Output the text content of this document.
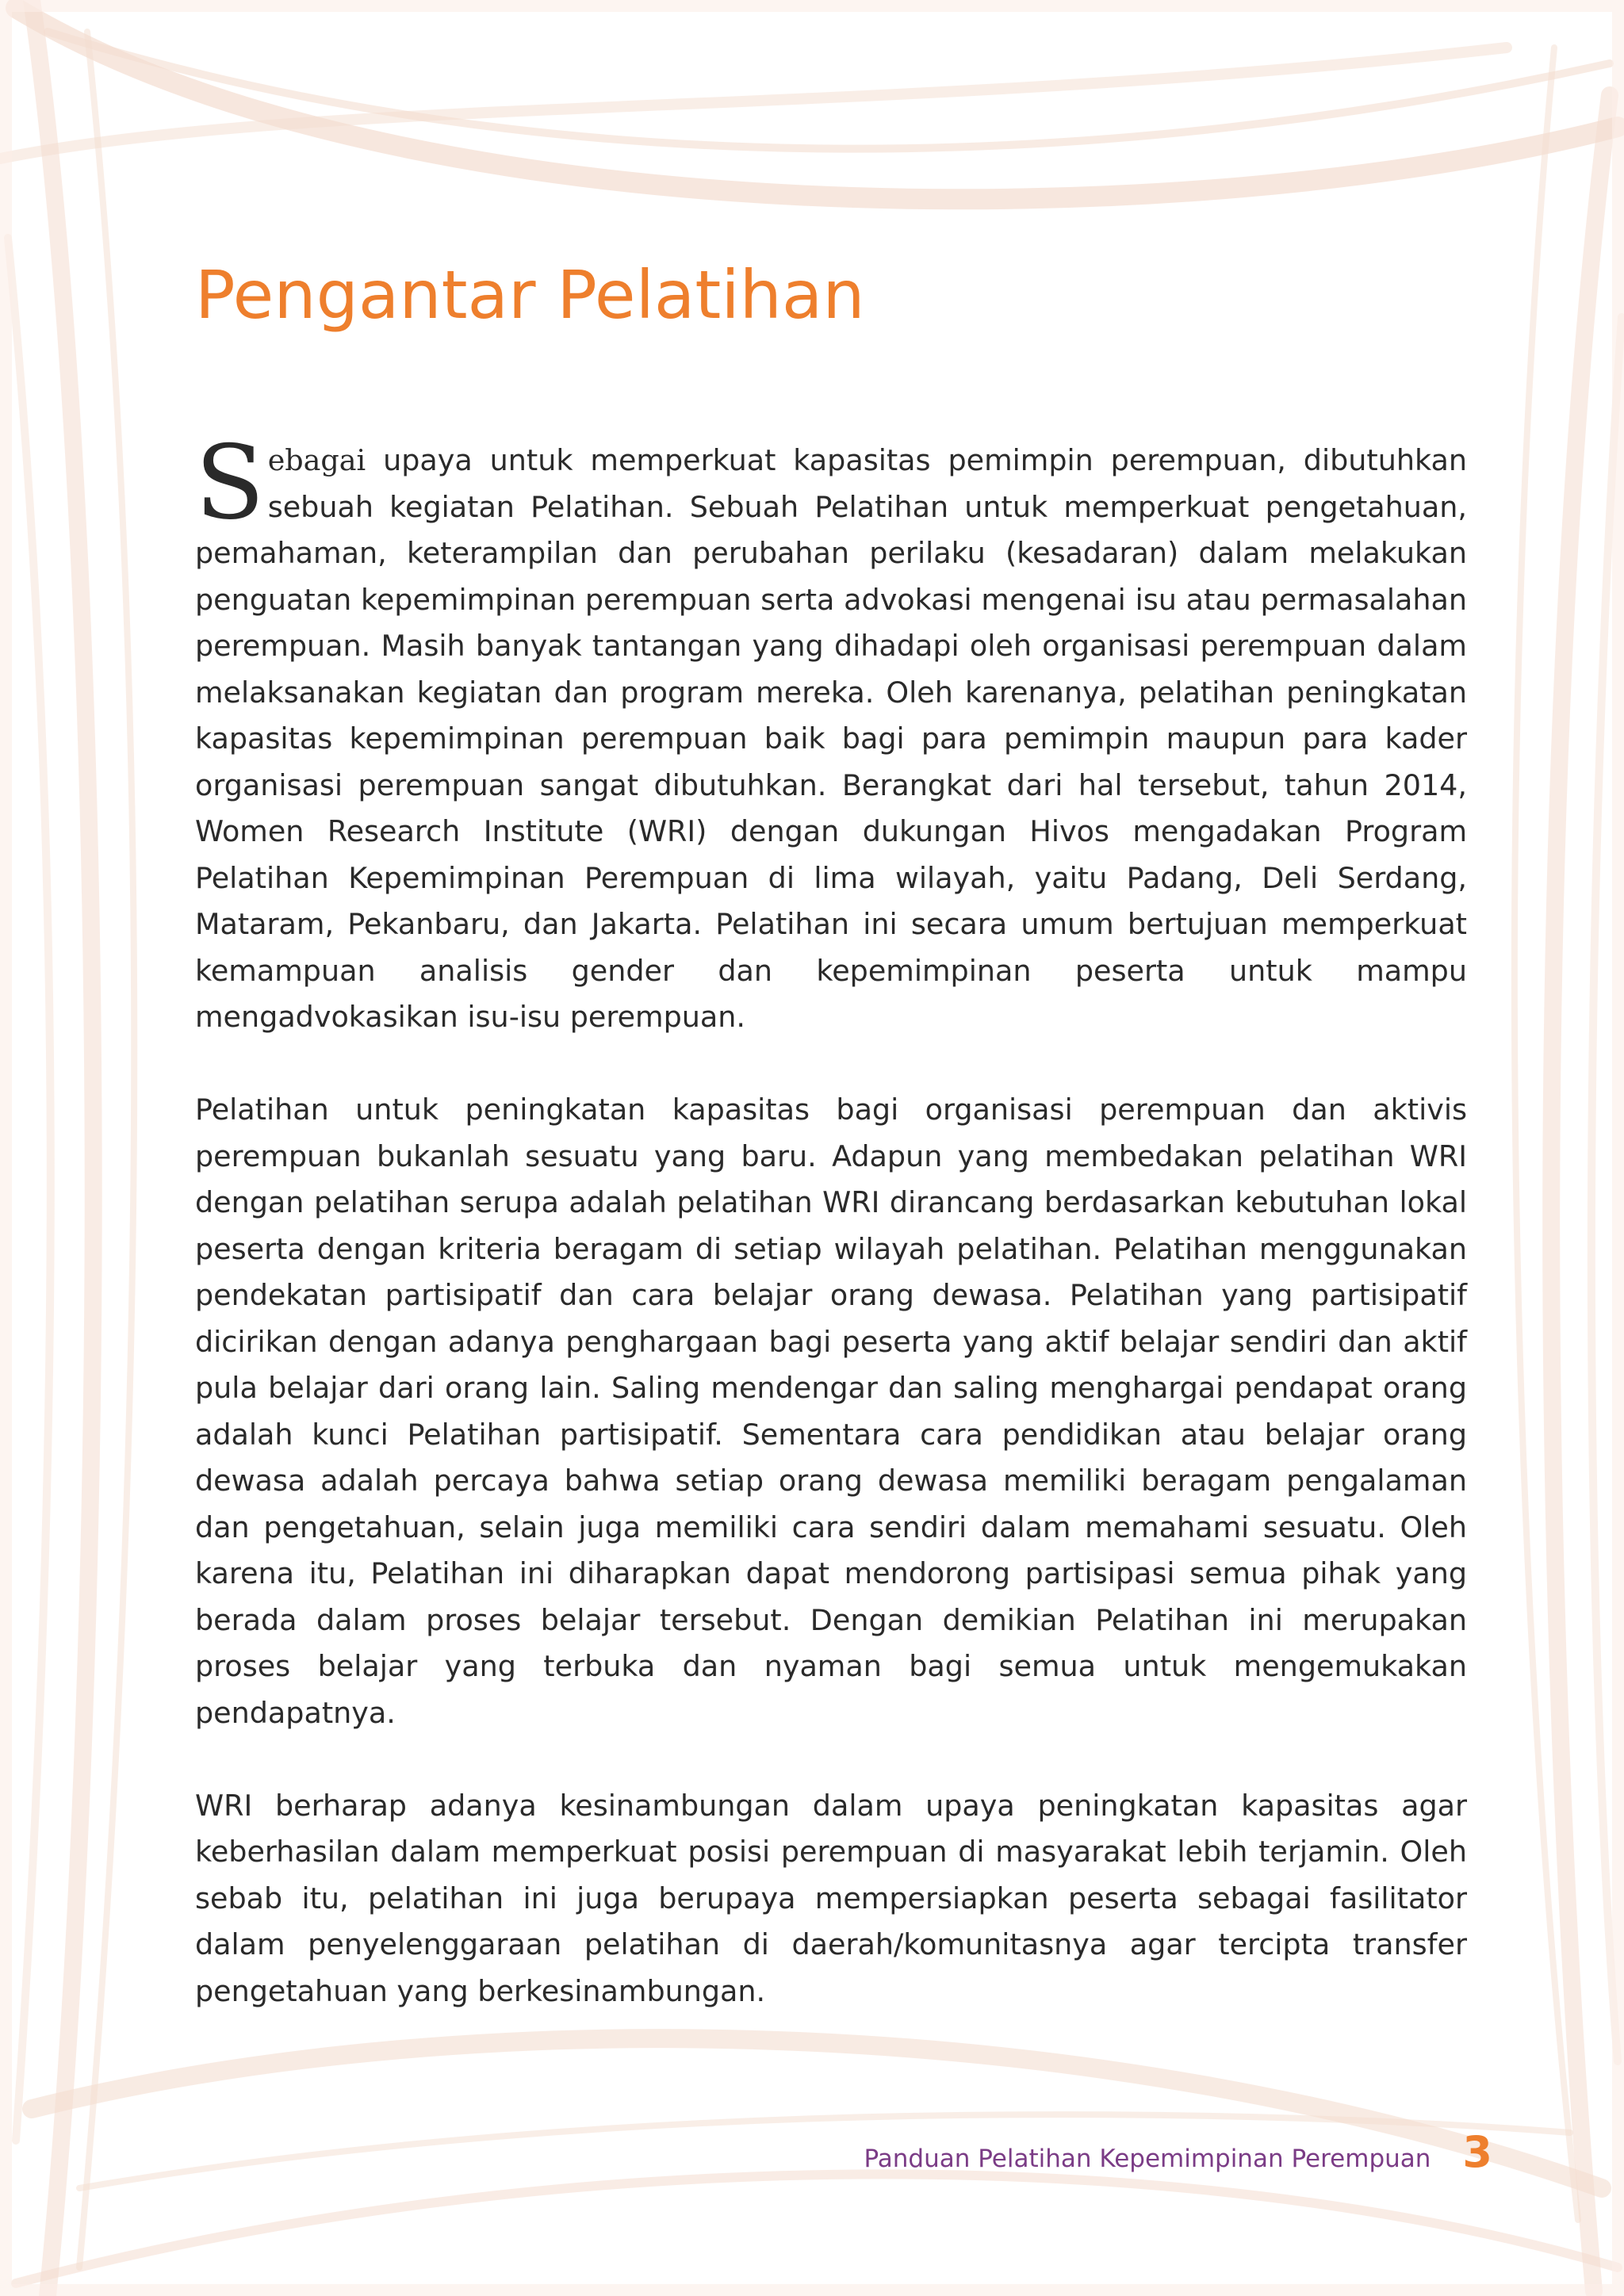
Pengantar Pelatihan

Sebagai upaya untuk memperkuat kapasitas pemimpin perempuan, dibutuhkan sebuah kegiatan Pelatihan. Sebuah Pelatihan untuk memperkuat pengetahuan, pemahaman, keterampilan dan perubahan perilaku (kesadaran) dalam melakukan penguatan kepemimpinan perempuan serta advokasi mengenai isu atau permasalahan perempuan. Masih banyak tantangan yang dihadapi oleh organisasi perempuan dalam melaksanakan kegiatan dan program mereka. Oleh karenanya, pelatihan peningkatan kapasitas kepemimpinan perempuan baik bagi para pemimpin maupun para kader organisasi perempuan sangat dibutuhkan. Berangkat dari hal tersebut, tahun 2014, Women Research Institute (WRI) dengan dukungan Hivos mengadakan Program Pelatihan Kepemimpinan Perempuan di lima wilayah, yaitu Padang, Deli Serdang, Mataram, Pekanbaru, dan Jakarta. Pelatihan ini secara umum bertujuan memperkuat kemampuan analisis gender dan kepemimpinan peserta untuk mampu mengadvokasikan isu-isu perempuan.

Pelatihan untuk peningkatan kapasitas bagi organisasi perempuan dan aktivis perempuan bukanlah sesuatu yang baru. Adapun yang membedakan pelatihan WRI dengan pelatihan serupa adalah pelatihan WRI dirancang berdasarkan kebutuhan lokal peserta dengan kriteria beragam di setiap wilayah pelatihan. Pelatihan menggunakan pendekatan partisipatif dan cara belajar orang dewasa. Pelatihan yang partisipatif dicirikan dengan adanya penghargaan bagi peserta yang aktif belajar sendiri dan aktif pula belajar dari orang lain. Saling mendengar dan saling menghargai pendapat orang adalah kunci Pelatihan partisipatif. Sementara cara pendidikan atau belajar orang dewasa adalah percaya bahwa setiap orang dewasa memiliki beragam pengalaman dan pengetahuan, selain juga memiliki cara sendiri dalam memahami sesuatu. Oleh karena itu, Pelatihan ini diharapkan dapat mendorong partisipasi semua pihak yang berada dalam proses belajar tersebut. Dengan demikian Pelatihan ini merupakan proses belajar yang terbuka dan nyaman bagi semua untuk mengemukakan pendapatnya.

WRI berharap adanya kesinambungan dalam upaya peningkatan kapasitas agar keberhasilan dalam memperkuat posisi perempuan di masyarakat lebih terjamin. Oleh sebab itu, pelatihan ini juga berupaya mempersiapkan peserta sebagai fasilitator dalam penyelenggaraan pelatihan di daerah/komunitasnya agar tercipta transfer pengetahuan yang berkesinambungan.

Panduan Pelatihan Kepemimpinan Perempuan 3
